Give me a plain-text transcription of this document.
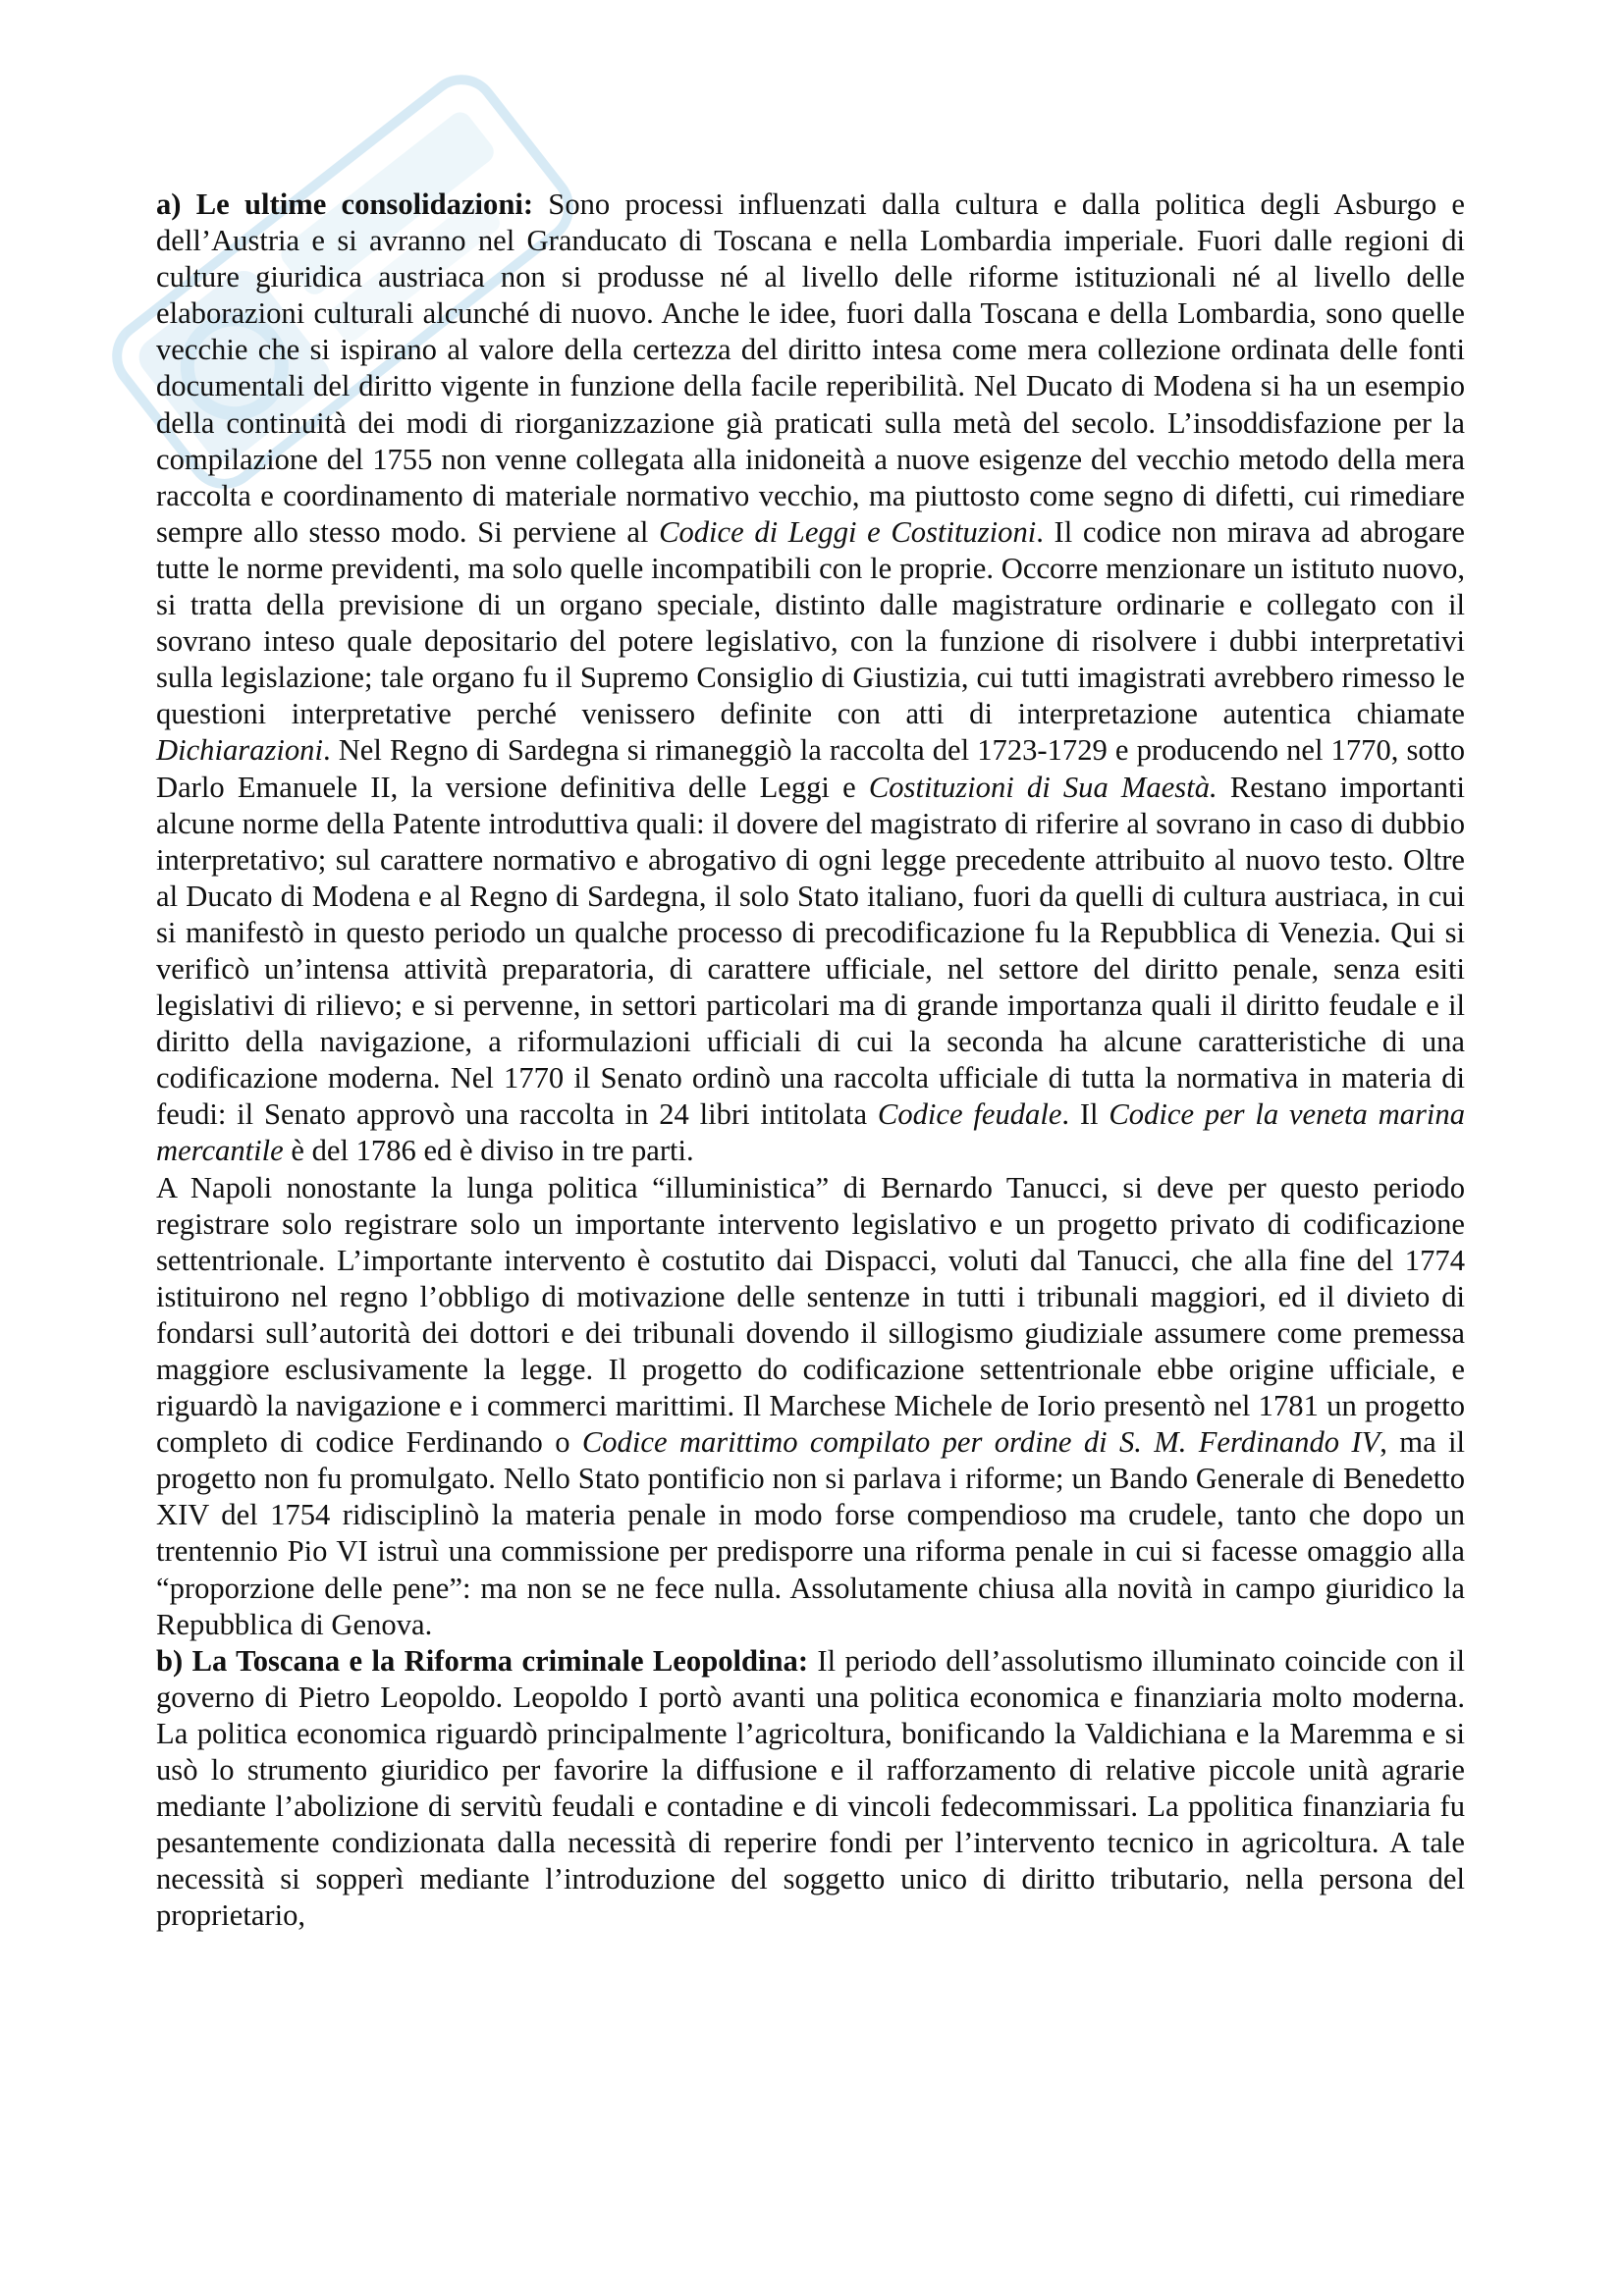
a) Le ultime consolidazioni: Sono processi influenzati dalla cultura e dalla politica degli Asburgo e dell’Austria e si avranno nel Granducato di Toscana e nella Lombardia imperiale. Fuori dalle regioni di culture giuridica austriaca non si produsse né al livello delle riforme istituzionali né al livello delle elaborazioni culturali alcunché di nuovo. Anche le idee, fuori dalla Toscana e della Lombardia, sono quelle vecchie che si ispirano al valore della certezza del diritto intesa come mera collezione ordinata delle fonti documentali del diritto vigente in funzione della facile reperibilità. Nel Ducato di Modena si ha un esempio della continuità dei modi di riorganizzazione già praticati sulla metà del secolo. L’insoddisfazione per la compilazione del 1755 non venne collegata alla inidoneità a nuove esigenze del vecchio metodo della mera raccolta e coordinamento di materiale normativo vecchio, ma piuttosto come segno di difetti, cui rimediare sempre allo stesso modo. Si perviene al Codice di Leggi e Costituzioni. Il codice non mirava ad abrogare tutte le norme previdenti, ma solo quelle incompatibili con le proprie. Occorre menzionare un istituto nuovo, si tratta della previsione di un organo speciale, distinto dalle magistrature ordinarie e collegato con il sovrano inteso quale depositario del potere legislativo, con la funzione di risolvere i dubbi interpretativi sulla legislazione; tale organo fu il Supremo Consiglio di Giustizia, cui tutti imagistrati avrebbero rimesso le questioni interpretative perché venissero definite con atti di interpretazione autentica chiamate Dichiarazioni. Nel Regno di Sardegna si rimaneggiò la raccolta del 1723-1729 e producendo nel 1770, sotto Darlo Emanuele II, la versione definitiva delle Leggi e Costituzioni di Sua Maestà. Restano importanti alcune norme della Patente introduttiva quali: il dovere del magistrato di riferire al sovrano in caso di dubbio interpretativo; sul carattere normativo e abrogativo di ogni legge precedente attribuito al nuovo testo. Oltre al Ducato di Modena e al Regno di Sardegna, il solo Stato italiano, fuori da quelli di cultura austriaca, in cui si manifestò in questo periodo un qualche processo di precodificazione fu la Repubblica di Venezia. Qui si verificò un’intensa attività preparatoria, di carattere ufficiale, nel settore del diritto penale, senza esiti legislativi di rilievo; e si pervenne, in settori particolari ma di grande importanza quali il diritto feudale e il diritto della navigazione, a riformulazioni ufficiali di cui la seconda ha alcune caratteristiche di una codificazione moderna. Nel 1770 il Senato ordinò una raccolta ufficiale di tutta la normativa in materia di feudi: il Senato approvò una raccolta in 24 libri intitolata Codice feudale. Il Codice per la veneta marina mercantile è del 1786 ed è diviso in tre parti.

A Napoli nonostante la lunga politica “illuministica” di Bernardo Tanucci, si deve per questo periodo registrare solo registrare solo un importante intervento legislativo e un progetto privato di codificazione settentrionale. L’importante intervento è costutito dai Dispacci, voluti dal Tanucci, che alla fine del 1774 istituirono nel regno l’obbligo di motivazione delle sentenze in tutti i tribunali maggiori, ed il divieto di fondarsi sull’autorità dei dottori e dei tribunali dovendo il sillogismo giudiziale assumere come premessa maggiore esclusivamente la legge. Il progetto do codificazione settentrionale ebbe origine ufficiale, e riguardò la navigazione e i commerci marittimi. Il Marchese Michele de Iorio presentò nel 1781 un progetto completo di codice Ferdinando o Codice marittimo compilato per ordine di S. M. Ferdinando IV, ma il progetto non fu promulgato. Nello Stato pontificio non si parlava i riforme; un Bando Generale di Benedetto XIV del 1754 ridisciplinò la materia penale in modo forse compendioso ma crudele, tanto che dopo un trentennio Pio VI istruì una commissione per predisporre una riforma penale in cui si facesse omaggio alla “proporzione delle pene”: ma non se ne fece nulla. Assolutamente chiusa alla novità in campo giuridico la Repubblica di Genova.

b) La Toscana e la Riforma criminale Leopoldina: Il periodo dell’assolutismo illuminato coincide con il governo di Pietro Leopoldo. Leopoldo I portò avanti una politica economica e finanziaria molto moderna. La politica economica riguardò principalmente l’agricoltura, bonificando la Valdichiana e la Maremma e si usò lo strumento giuridico per favorire la diffusione e il rafforzamento di relative piccole unità agrarie mediante l’abolizione di servitù feudali e contadine e di vincoli fedecommissari. La ppolitica finanziaria fu pesantemente condizionata dalla necessità di reperire fondi per l’intervento tecnico in agricoltura. A tale necessità si sopperì mediante l’introduzione del soggetto unico di diritto tributario, nella persona del proprietario,
